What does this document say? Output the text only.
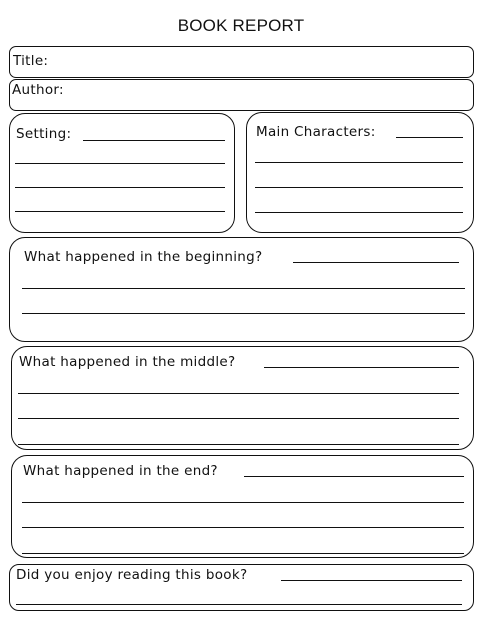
BOOK REPORT
Title:
Author:
Setting:	Main Characters:
What happened in the beginning?
What happened in the middle?
What happened in the end?
Did you enjoy reading this book?
